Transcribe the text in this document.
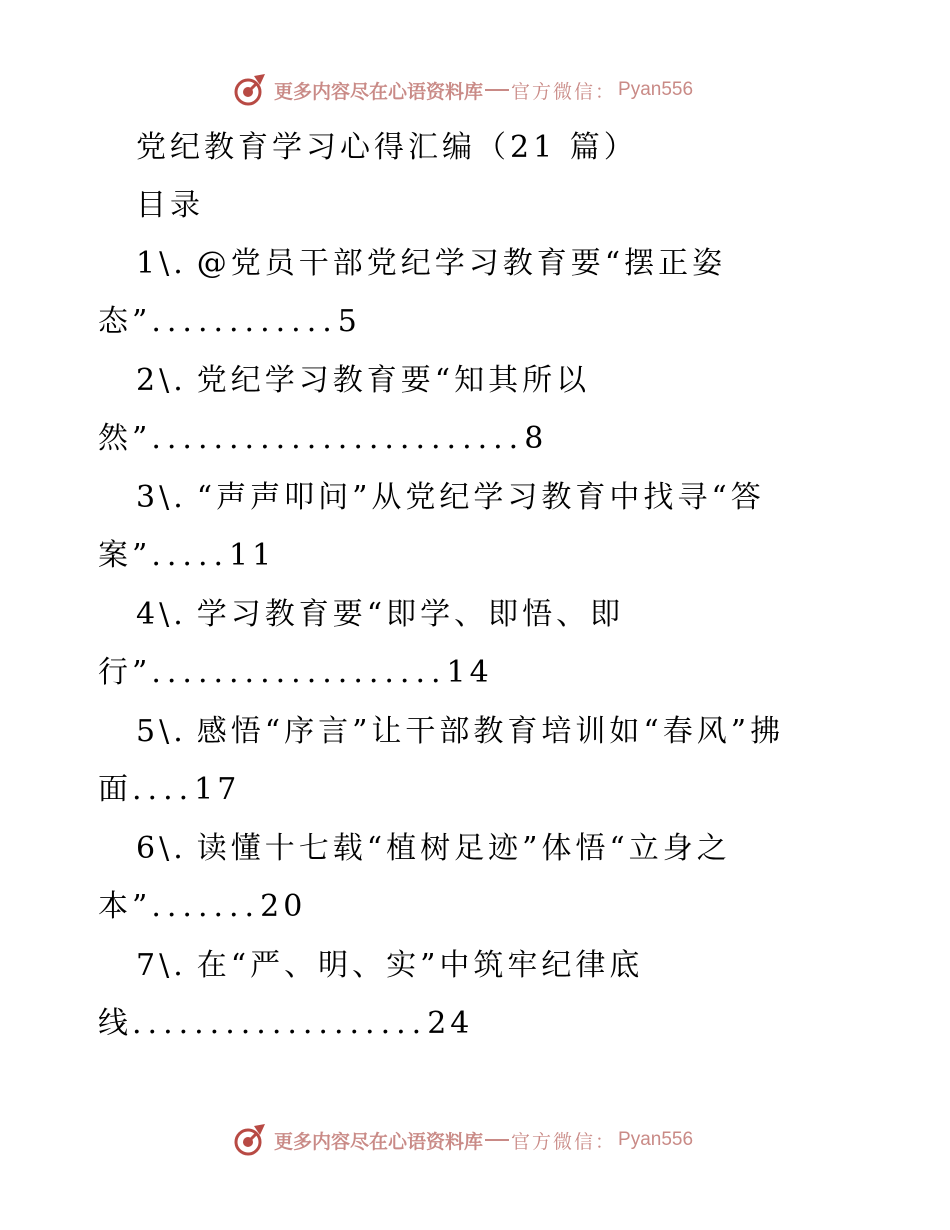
更多内容尽在心语资料库 官方微信： Pyan556
党纪教育学习心得汇编（21 篇）
目录
1\. @党员干部党纪学习教育要“摆正姿
态”............5
2\. 党纪学习教育要“知其所以
然”........................8
3\. “声声叩问”从党纪学习教育中找寻“答
案”.....11
4\. 学习教育要“即学、即悟、即
行”...................14
5\. 感悟“序言”让干部教育培训如“春风”拂
面....17
6\. 读懂十七载“植树足迹”体悟“立身之
本”.......20
7\. 在“严、明、实”中筑牢纪律底
线...................24
更多内容尽在心语资料库 官方微信： Pyan556
